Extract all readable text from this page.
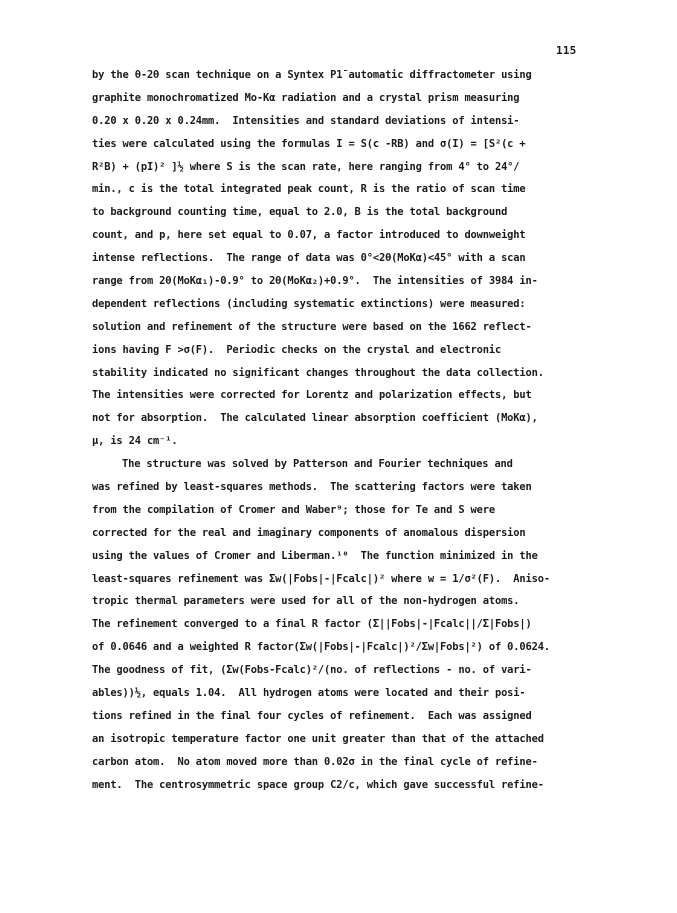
115
by the θ-2θ scan technique on a Syntex P1̄ automatic diffractometer using
graphite monochromatized Mo-Kα radiation and a crystal prism measuring
0.20 x 0.20 x 0.24mm.  Intensities and standard deviations of intensi-
ties were calculated using the formulas I = S(c -RB) and σ(I) = [S²(c +
R²B) + (pI)² ]½ where S is the scan rate, here ranging from 4° to 24°/
min., c is the total integrated peak count, R is the ratio of scan time
to background counting time, equal to 2.0, B is the total background
count, and p, here set equal to 0.07, a factor introduced to downweight
intense reflections.  The range of data was 0°<2θ(MoKα)<45° with a scan
range from 2θ(MoKα₁)-0.9° to 2θ(MoKα₂)+0.9°.  The intensities of 3984 in-
dependent reflections (including systematic extinctions) were measured:
solution and refinement of the structure were based on the 1662 reflect-
ions having F >σ(F).  Periodic checks on the crystal and electronic
stability indicated no significant changes throughout the data collection.
The intensities were corrected for Lorentz and polarization effects, but
not for absorption.  The calculated linear absorption coefficient (MoKα),
μ, is 24 cm⁻¹.
The structure was solved by Patterson and Fourier techniques and
was refined by least-squares methods.  The scattering factors were taken
from the compilation of Cromer and Waber⁹; those for Te and S were
corrected for the real and imaginary components of anomalous dispersion
using the values of Cromer and Liberman.¹⁰  The function minimized in the
least-squares refinement was Σw(|Fobs|-|Fcalc|)² where w = 1/σ²(F).  Aniso-
tropic thermal parameters were used for all of the non-hydrogen atoms.
The refinement converged to a final R factor (Σ||Fobs|-|Fcalc||/Σ|Fobs|)
of 0.0646 and a weighted R factor(Σw(|Fobs|-|Fcalc|)²/Σw|Fobs|²) of 0.0624.
The goodness of fit, (Σw(Fobs-Fcalc)²/(no. of reflections - no. of vari-
ables))½, equals 1.04.  All hydrogen atoms were located and their posi-
tions refined in the final four cycles of refinement.  Each was assigned
an isotropic temperature factor one unit greater than that of the attached
carbon atom.  No atom moved more than 0.02σ in the final cycle of refine-
ment.  The centrosymmetric space group C2/c, which gave successful refine-
